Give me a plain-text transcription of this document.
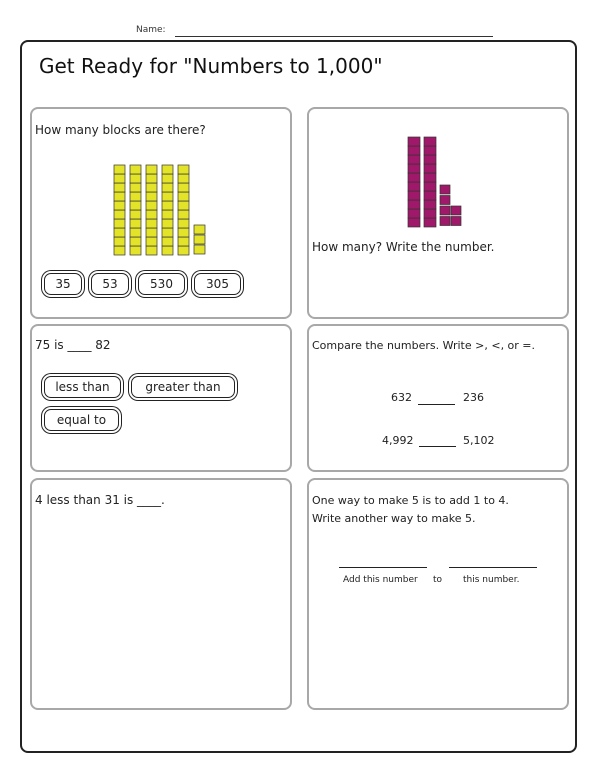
Name:
Get Ready for "Numbers to 1,000"
How many blocks are there?
35	53	530	305
How many? Write the number.
75 is ____ 82
less than	greater than
equal to
Compare the numbers. Write >, <, or =.
632	236
4,992	5,102
4 less than 31 is ____.	One way to make 5 is to add 1 to 4.
Write another way to make 5.
Add this number to this number.
